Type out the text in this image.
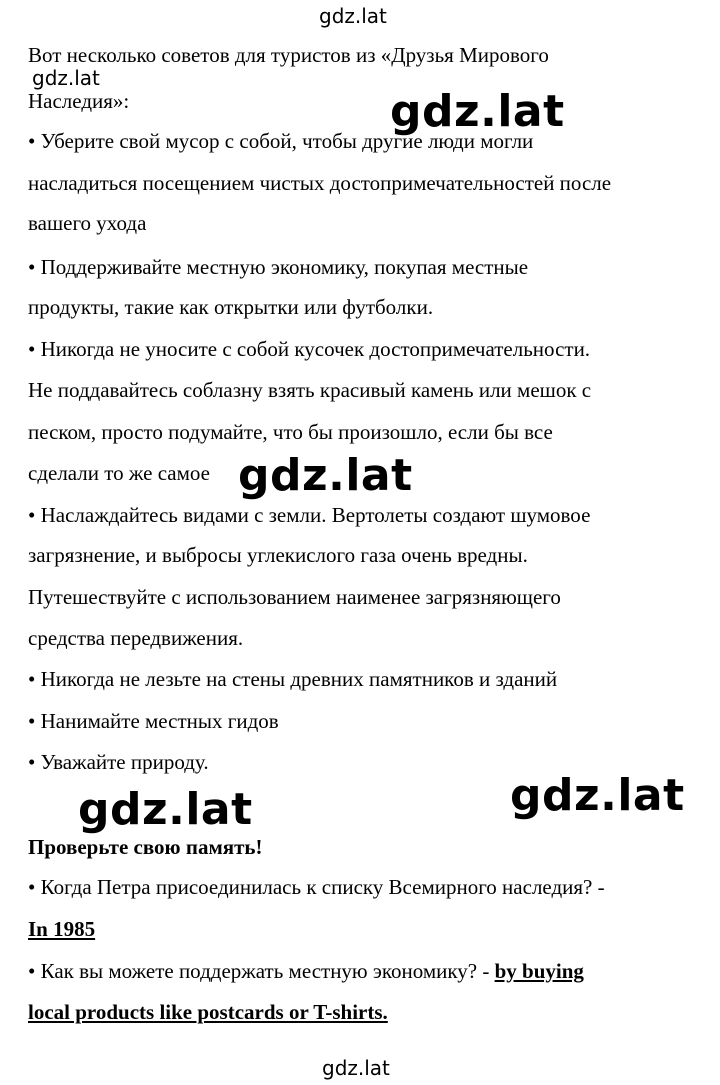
gdz.lat
gdz.lat
Вот несколько советов для туристов из «Друзья Мирового
Наследия»:
• Уберите свой мусор с собой, чтобы другие люди могли
насладиться посещением чистых достопримечательностей после
вашего ухода
• Поддерживайте местную экономику, покупая местные
продукты, такие как открытки или футболки.
• Никогда не уносите с собой кусочек достопримечательности.
Не поддавайтесь соблазну взять красивый камень или мешок с
песком, просто подумайте, что бы произошло, если бы все
сделали то же самое
• Наслаждайтесь видами с земли. Вертолеты создают шумовое
загрязнение, и выбросы углекислого газа очень вредны.
Путешествуйте с использованием наименее загрязняющего
средства передвижения.
• Никогда не лезьте на стены древних памятников и зданий
• Нанимайте местных гидов
• Уважайте природу.
Проверьте свою память!
• Когда Петра присоединилась к списку Всемирного наследия? -
In 1985
• Как вы можете поддержать местную экономику? - by buying
local products like postcards or T-shirts.
gdz.lat
gdz.lat
gdz.lat	gdz.lat
gdz.lat
